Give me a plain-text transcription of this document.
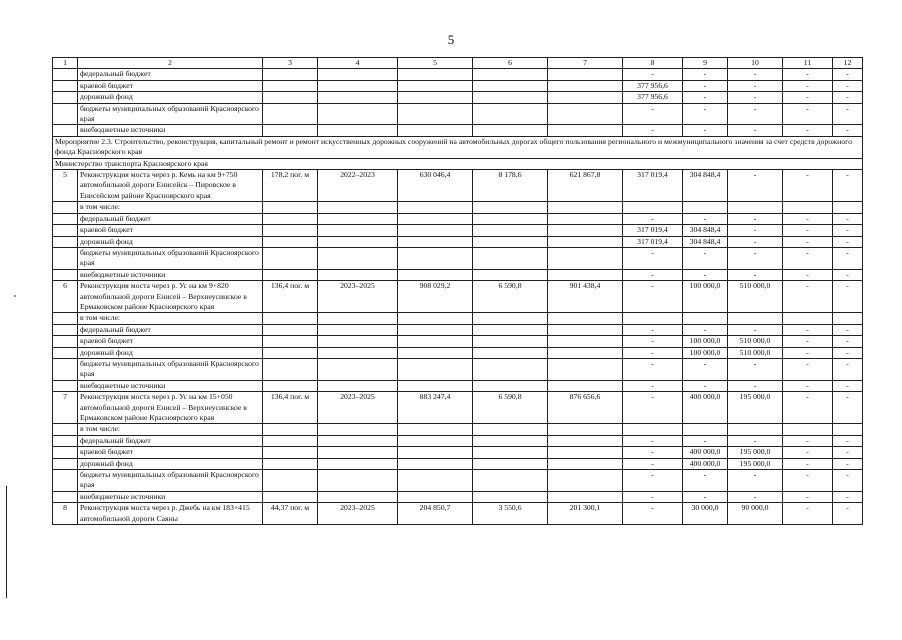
5
1	2	3	4	5	6	7	8	9	10	11	12
	федеральный бюджет						-	-	-	-	-
	краевой бюджет						377 956,6	-	-	-	-
	дорожный фонд						377 956,6	-	-	-	-
	бюджеты муниципальных образований Красноярского края						-	-	-	-	-
	внебюджетные источники						-	-	-	-	-
Мероприятие 2.3. Строительство, реконструкция, капитальный ремонт и ремонт искусственных дорожных сооружений на автомобильных дорогах общего пользования регионального и межмуниципального значения за счет средств дорожного фонда Красноярского края											
Министерство транспорта Красноярского края											
5	Реконструкция моста через р. Кемь на км 9+750 автомобильной дороги Енисейск – Пировское в Енисейском районе Красноярского края	178,2 пог. м	2022–2023	630 046,4	8 178,6	621 867,8	317 019,4	304 848,4	-	-	-
	в том числе:										
	федеральный бюджет						-	-	-	-	-
	краевой бюджет						317 019,4	304 848,4	-	-	-
	дорожный фонд						317 019,4	304 848,4	-	-	-
	бюджеты муниципальных образований Красноярского края						-	-	-	-	-
	внебюджетные источники						-	-	-	-	-
6	Реконструкция моста через р. Ус на км 9+820 автомобильной дороги Енисей – Верхнеусинское в Ермаковском районе Красноярского края	136,4 пог. м	2023–2025	908 029,2	6 590,8	901 438,4	-	100 000,0	510 000,0	-	-
	в том числе:										
	федеральный бюджет						-	-	-	-	-
	краевой бюджет						-	100 000,0	510 000,0	-	-
	дорожный фонд						-	100 000,0	510 000,0	-	-
	бюджеты муниципальных образований Красноярского края						-	-	-	-	-
	внебюджетные источники						-	-	-	-	-
7	Реконструкция моста через р. Ус на км 15+050 автомобильной дороги Енисей – Верхнеусинское в Ермаковском районе Красноярского края	136,4 пог. м	2023–2025	883 247,4	6 590,8	876 656,6	-	400 000,0	195 000,0	-	-
	в том числе:										
	федеральный бюджет						-	-	-	-	-
	краевой бюджет						-	400 000,0	195 000,0	-	-
	дорожный фонд						-	400 000,0	195 000,0	-	-
	бюджеты муниципальных образований Красноярского края						-	-	-	-	-
	внебюджетные источники						-	-	-	-	-
8	Реконструкция моста через р. Джебь на км 183+415 автомобильной дороги Саяны	44,37 пог. м	2023–2025	204 850,7	3 550,6	201 300,1	-	30 000,0	90 000,0	-	-
